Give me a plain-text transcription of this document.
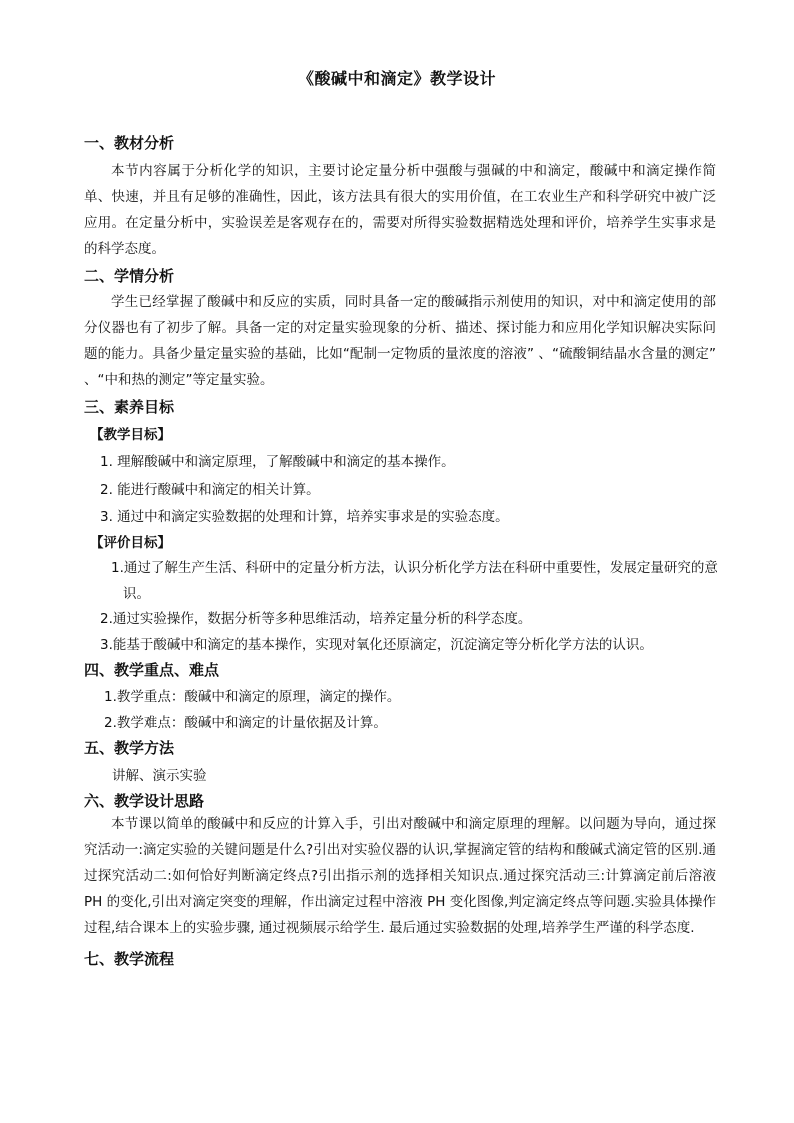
《酸碱中和滴定》教学设计
一、教材分析
本节内容属于分析化学的知识，主要讨论定量分析中强酸与强碱的中和滴定，酸碱中和滴定操作简单、快速，并且有足够的准确性，因此，该方法具有很大的实用价值，在工农业生产和科学研究中被广泛应用。在定量分析中，实验误差是客观存在的，需要对所得实验数据精选处理和评价，培养学生实事求是的科学态度。
二、学情分析
学生已经掌握了酸碱中和反应的实质，同时具备一定的酸碱指示剂使用的知识，对中和滴定使用的部分仪器也有了初步了解。具备一定的对定量实验现象的分析、描述、探讨能力和应用化学知识解决实际问题的能力。具备少量定量实验的基础，比如“配制一定物质的量浓度的溶液” 、“硫酸铜结晶水含量的测定” 、“中和热的测定”等定量实验。
三、素养目标
【教学目标】
1. 理解酸碱中和滴定原理，了解酸碱中和滴定的基本操作。
2. 能进行酸碱中和滴定的相关计算。
3. 通过中和滴定实验数据的处理和计算，培养实事求是的实验态度。
【评价目标】
1.通过了解生产生活、科研中的定量分析方法，认识分析化学方法在科研中重要性，发展定量研究的意识。
2.通过实验操作，数据分析等多种思维活动，培养定量分析的科学态度。
3.能基于酸碱中和滴定的基本操作，实现对氧化还原滴定，沉淀滴定等分析化学方法的认识。
四、教学重点、难点
1.教学重点：酸碱中和滴定的原理，滴定的操作。
2.教学难点：酸碱中和滴定的计量依据及计算。
五、教学方法
讲解、演示实验
六、教学设计思路
本节课以简单的酸碱中和反应的计算入手，引出对酸碱中和滴定原理的理解。以问题为导向，通过探究活动一:滴定实验的关键问题是什么?引出对实验仪器的认识,掌握滴定管的结构和酸碱式滴定管的区别.通过探究活动二:如何恰好判断滴定终点?引出指示剂的选择相关知识点.通过探究活动三:计算滴定前后溶液 PH 的变化,引出对滴定突变的理解，作出滴定过程中溶液 PH 变化图像,判定滴定终点等问题.实验具体操作过程,结合课本上的实验步骤, 通过视频展示给学生. 最后通过实验数据的处理,培养学生严谨的科学态度.
七、教学流程
